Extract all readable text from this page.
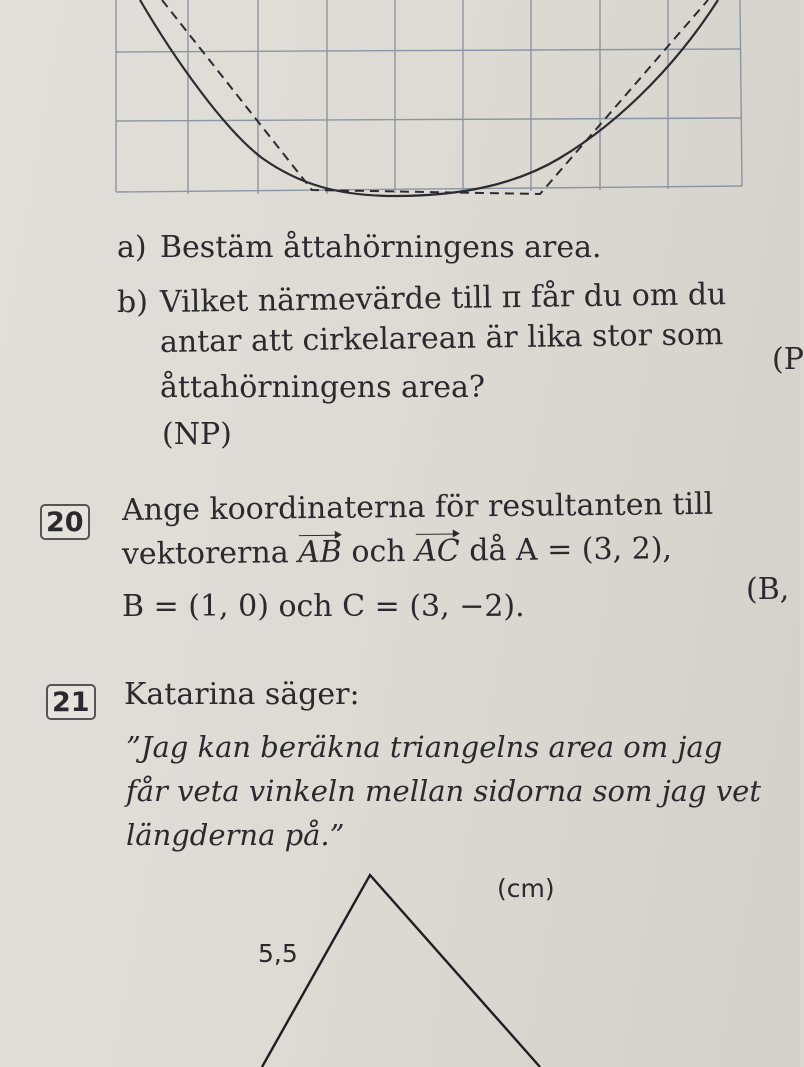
a) Bestäm åttahörningens area.
b) Vilket närmevärde till π får du om du
antar att cirkelarean är lika stor som
åttahörningens area?
(NP)
(P
20 Ange koordinaterna för resultanten till
vektorerna AB och AC då A = (3, 2),
B = (1, 0) och C = (3, −2).	(B,
21 Katarina säger:
”Jag kan beräkna triangelns area om jag
får veta vinkeln mellan sidorna som jag vet
längderna på.”
(cm)
5,5
